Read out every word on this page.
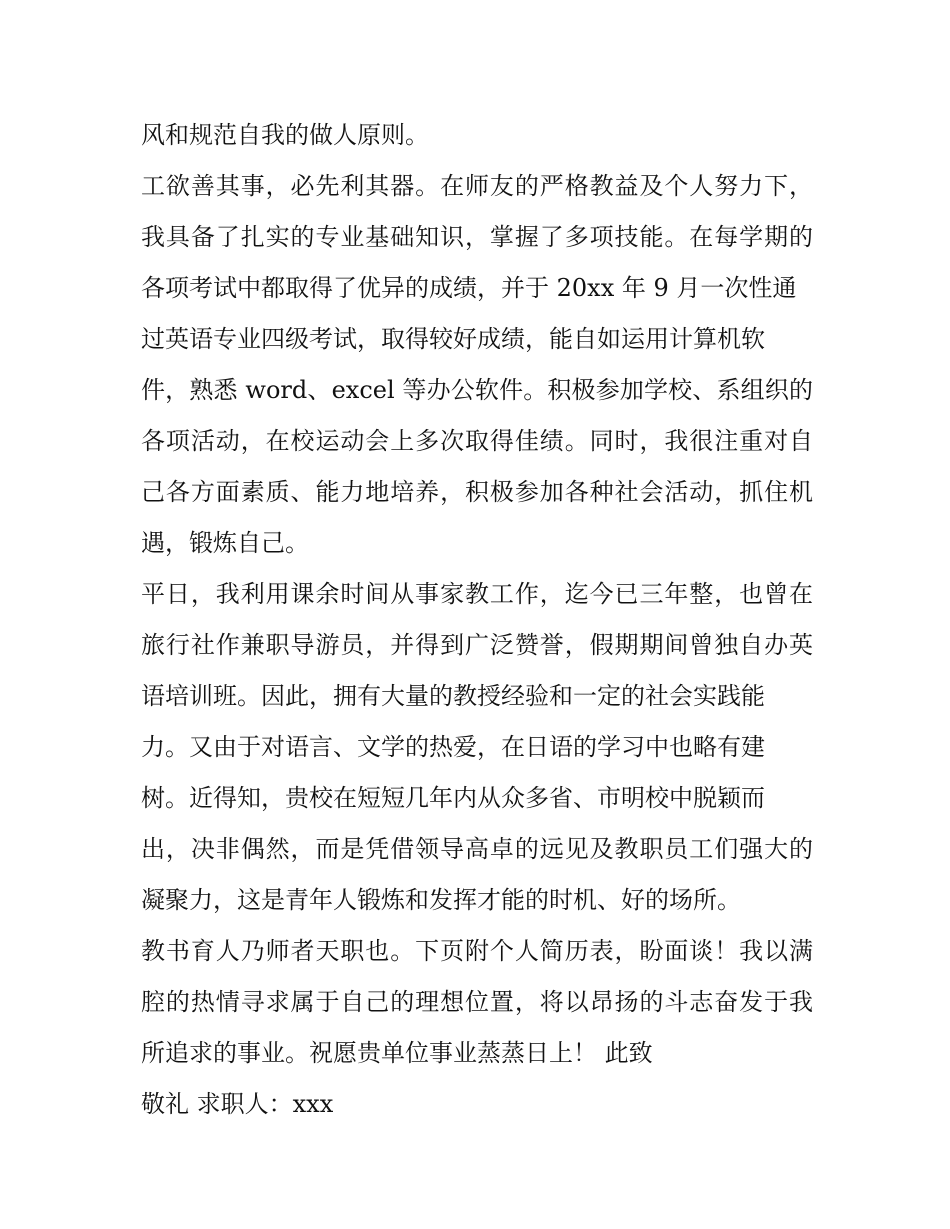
风和规范自我的做人原则。
工欲善其事，必先利其器。在师友的严格教益及个人努力下，
我具备了扎实的专业基础知识，掌握了多项技能。在每学期的
各项考试中都取得了优异的成绩，并于 20xx 年 9 月一次性通
过英语专业四级考试，取得较好成绩，能自如运用计算机软
件，熟悉 word、excel 等办公软件。积极参加学校、系组织的
各项活动，在校运动会上多次取得佳绩。同时，我很注重对自
己各方面素质、能力地培养，积极参加各种社会活动，抓住机
遇，锻炼自己。
平日，我利用课余时间从事家教工作，迄今已三年整，也曾在
旅行社作兼职导游员，并得到广泛赞誉，假期期间曾独自办英
语培训班。因此，拥有大量的教授经验和一定的社会实践能
力。又由于对语言、文学的热爱，在日语的学习中也略有建
树。近得知，贵校在短短几年内从众多省、市明校中脱颖而
出，决非偶然，而是凭借领导高卓的远见及教职员工们强大的
凝聚力，这是青年人锻炼和发挥才能的时机、好的场所。
教书育人乃师者天职也。下页附个人简历表，盼面谈！我以满
腔的热情寻求属于自己的理想位置，将以昂扬的斗志奋发于我
所追求的事业。祝愿贵单位事业蒸蒸日上！ 此致
敬礼 求职人：xxx
